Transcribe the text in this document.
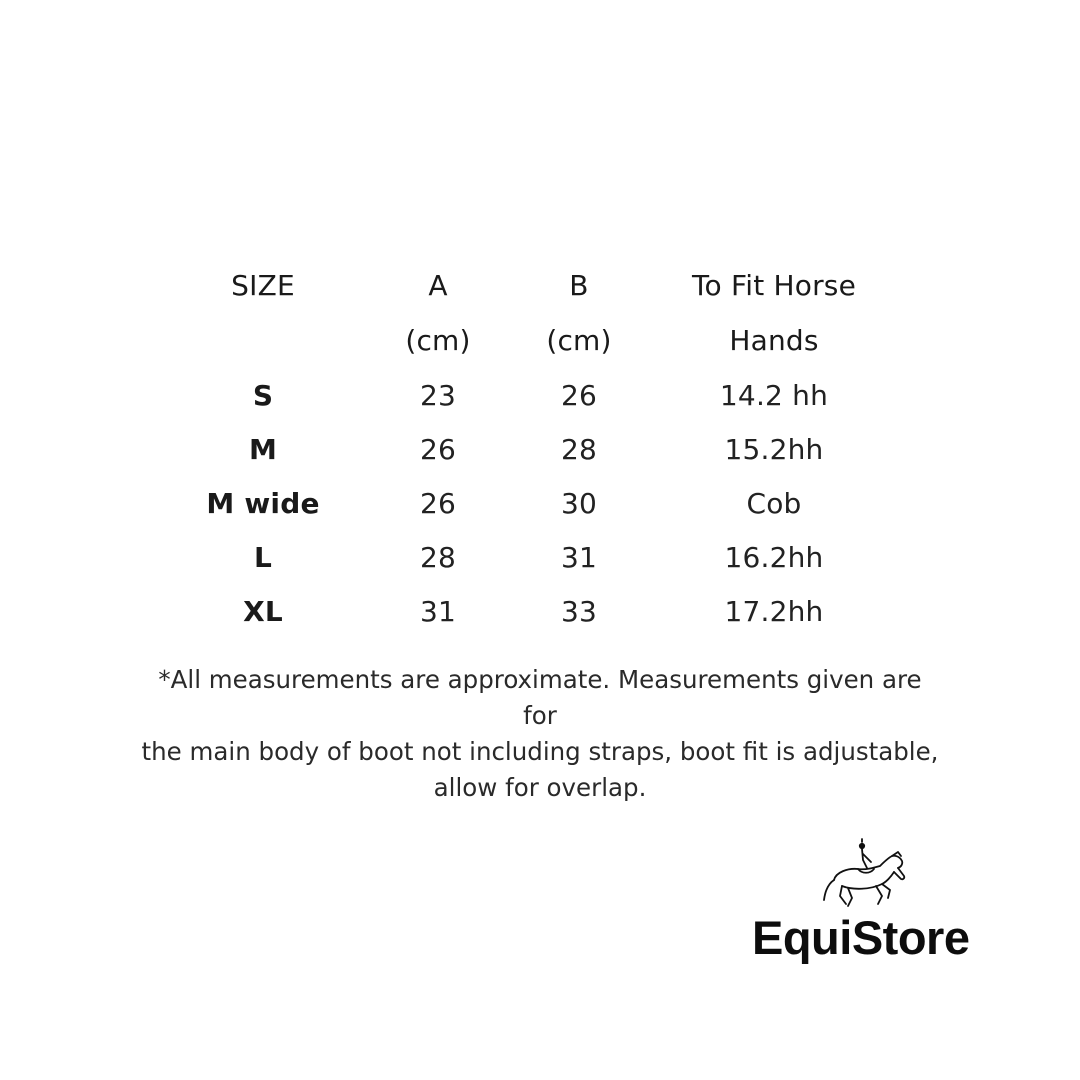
SIZE	A	B	To Fit Horse
	(cm)	(cm)	Hands
S	23	26	14.2 hh
M	26	28	15.2hh
M wide	26	30	Cob
L	28	31	16.2hh
XL	31	33	17.2hh
*All measurements are approximate. Measurements given are for
the main body of boot not including straps, boot fit is adjustable,
allow for overlap.
EquiStore
